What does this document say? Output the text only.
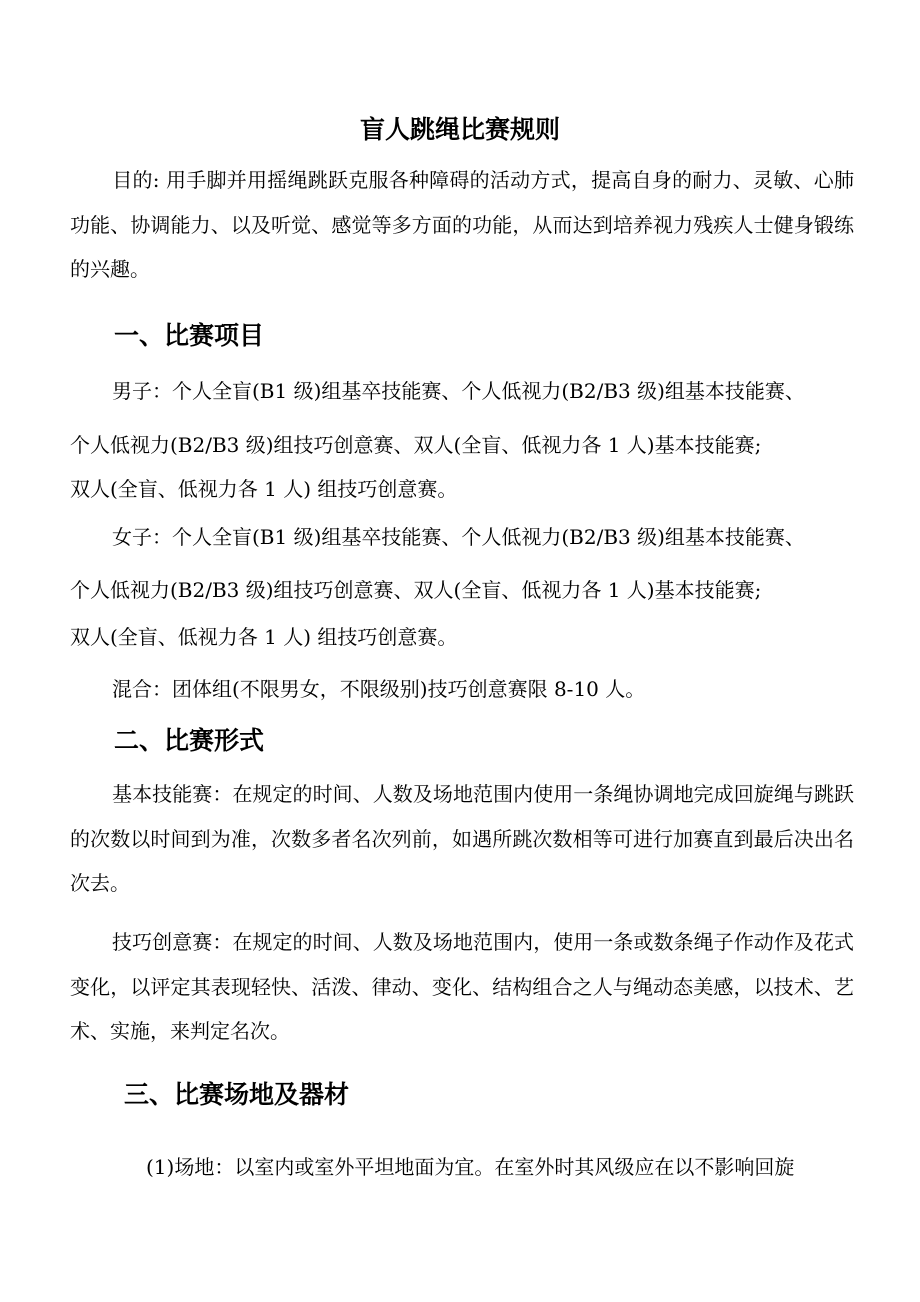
盲人跳绳比赛规则

目的: 用手脚并用摇绳跳跃克服各种障碍的活动方式，提高自身的耐力、灵敏、心肺功能、协调能力、以及听觉、感觉等多方面的功能，从而达到培养视力残疾人士健身锻练的兴趣。

一、比赛项目

男子：个人全盲(B1 级)组基卒技能赛、个人低视力(B2/B3 级)组基本技能赛、

个人低视力(B2/B3 级)组技巧创意赛、双人(全盲、低视力各 1 人)基本技能赛;

双人(全盲、低视力各 1 人) 组技巧创意赛。

女子：个人全盲(B1 级)组基卒技能赛、个人低视力(B2/B3 级)组基本技能赛、

个人低视力(B2/B3 级)组技巧创意赛、双人(全盲、低视力各 1 人)基本技能赛;

双人(全盲、低视力各 1 人) 组技巧创意赛。

混合：团体组(不限男女，不限级别)技巧创意赛限 8-10 人。

二、比赛形式

基本技能赛：在规定的时间、人数及场地范围内使用一条绳协调地完成回旋绳与跳跃的次数以时间到为准，次数多者名次列前，如遇所跳次数相等可进行加赛直到最后决出名次去。

技巧创意赛：在规定的时间、人数及场地范围内，使用一条或数条绳子作动作及花式变化，以评定其表现轻快、活泼、律动、变化、结构组合之人与绳动态美感，以技术、艺术、实施，来判定名次。

三、比赛场地及器材

(1)场地：以室内或室外平坦地面为宜。在室外时其风级应在以不影响回旋
